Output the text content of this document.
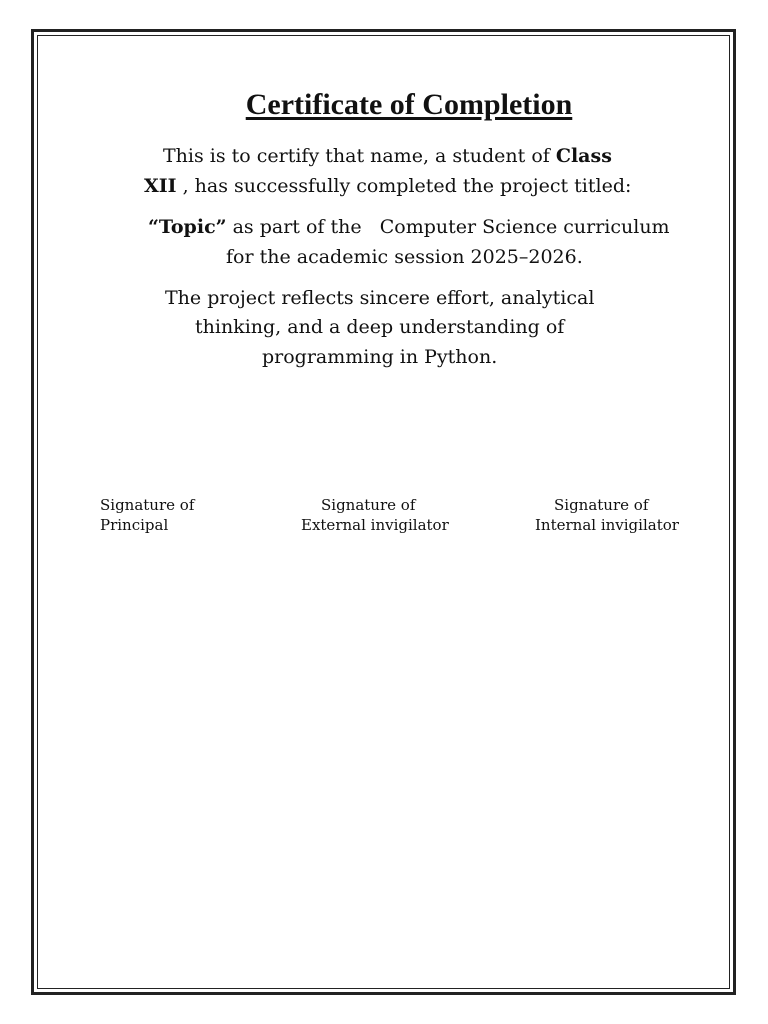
Certificate of Completion
This is to certify that name, a student of Class
XII , has successfully completed the project titled:
“Topic” as part of the   Computer Science curriculum
for the academic session 2025–2026.
The project reflects sincere effort, analytical
thinking, and a deep understanding of
programming in Python.
Signature of
Principal
Signature of
External invigilator
Signature of
Internal invigilator
